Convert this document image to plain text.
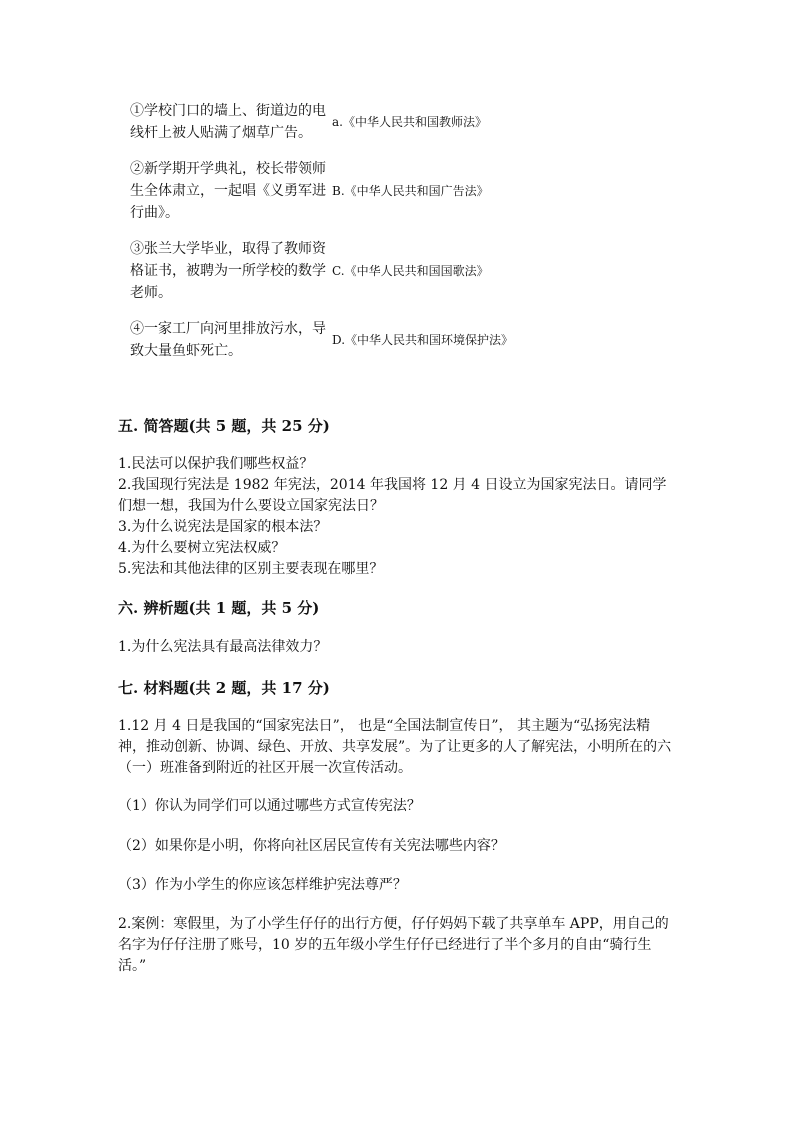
①学校门口的墙上、街道边的电线杆上被人贴满了烟草广告。
a.《中华人民共和国教师法》
②新学期开学典礼，校长带领师生全体肃立，一起唱《义勇军进行曲》。
B.《中华人民共和国广告法》
③张兰大学毕业，取得了教师资格证书，被聘为一所学校的数学老师。
C.《中华人民共和国国歌法》
④一家工厂向河里排放污水，导致大量鱼虾死亡。
D.《中华人民共和国环境保护法》
五. 简答题(共 5 题，共 25 分)

1.民法可以保护我们哪些权益？

2.我国现行宪法是 1982 年宪法，2014 年我国将 12 月 4 日设立为国家宪法日。请同学们想一想，我国为什么要设立国家宪法日？

3.为什么说宪法是国家的根本法？

4.为什么要树立宪法权威？

5.宪法和其他法律的区别主要表现在哪里？

六. 辨析题(共 1 题，共 5 分)

1.为什么宪法具有最高法律效力？

七. 材料题(共 2 题，共 17 分)
1.12 月 4 日是我国的“国家宪法日”， 也是“全国法制宣传日”， 其主题为“弘扬宪法精神，推动创新、协调、绿色、开放、共享发展”。为了让更多的人了解宪法，小明所在的六（一）班准备到附近的社区开展一次宣传活动。
（1）你认为同学们可以通过哪些方式宣传宪法？
（2）如果你是小明，你将向社区居民宣传有关宪法哪些内容？
（3）作为小学生的你应该怎样维护宪法尊严？
2.案例：寒假里，为了小学生仔仔的出行方便，仔仔妈妈下载了共享单车 APP，用自己的名字为仔仔注册了账号，10 岁的五年级小学生仔仔已经进行了半个多月的自由“骑行生活。”
